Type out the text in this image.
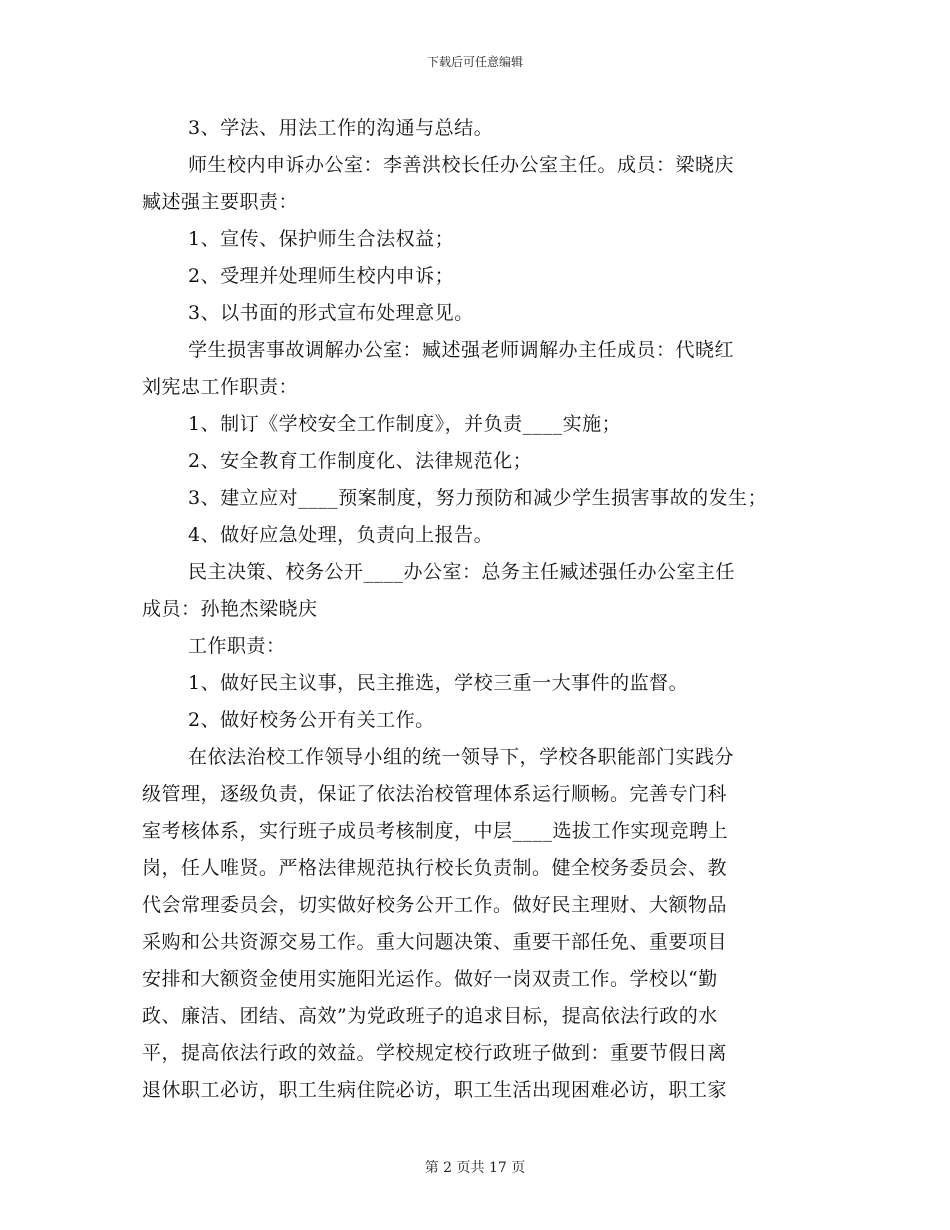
下载后可任意编辑
3、学法、用法工作的沟通与总结。
师生校内申诉办公室：李善洪校长任办公室主任。成员：梁晓庆
臧述强主要职责：
1、宣传、保护师生合法权益；
2、受理并处理师生校内申诉；
3、以书面的形式宣布处理意见。
学生损害事故调解办公室：臧述强老师调解办主任成员：代晓红
刘宪忠工作职责：
1、制订《学校安全工作制度》，并负责____实施；
2、安全教育工作制度化、法律规范化；
3、建立应对____预案制度，努力预防和减少学生损害事故的发生；
4、做好应急处理，负责向上报告。
民主决策、校务公开____办公室：总务主任臧述强任办公室主任
成员：孙艳杰梁晓庆
工作职责：
1、做好民主议事，民主推选，学校三重一大事件的监督。
2、做好校务公开有关工作。
在依法治校工作领导小组的统一领导下，学校各职能部门实践分
级管理，逐级负责，保证了依法治校管理体系运行顺畅。完善专门科
室考核体系，实行班子成员考核制度，中层____选拔工作实现竞聘上
岗，任人唯贤。严格法律规范执行校长负责制。健全校务委员会、教
代会常理委员会，切实做好校务公开工作。做好民主理财、大额物品
采购和公共资源交易工作。重大问题决策、重要干部任免、重要项目
安排和大额资金使用实施阳光运作。做好一岗双责工作。学校以“勤
政、廉洁、团结、高效”为党政班子的追求目标，提高依法行政的水
平，提高依法行政的效益。学校规定校行政班子做到：重要节假日离
退休职工必访，职工生病住院必访，职工生活出现困难必访，职工家
第 2 页共 17 页
